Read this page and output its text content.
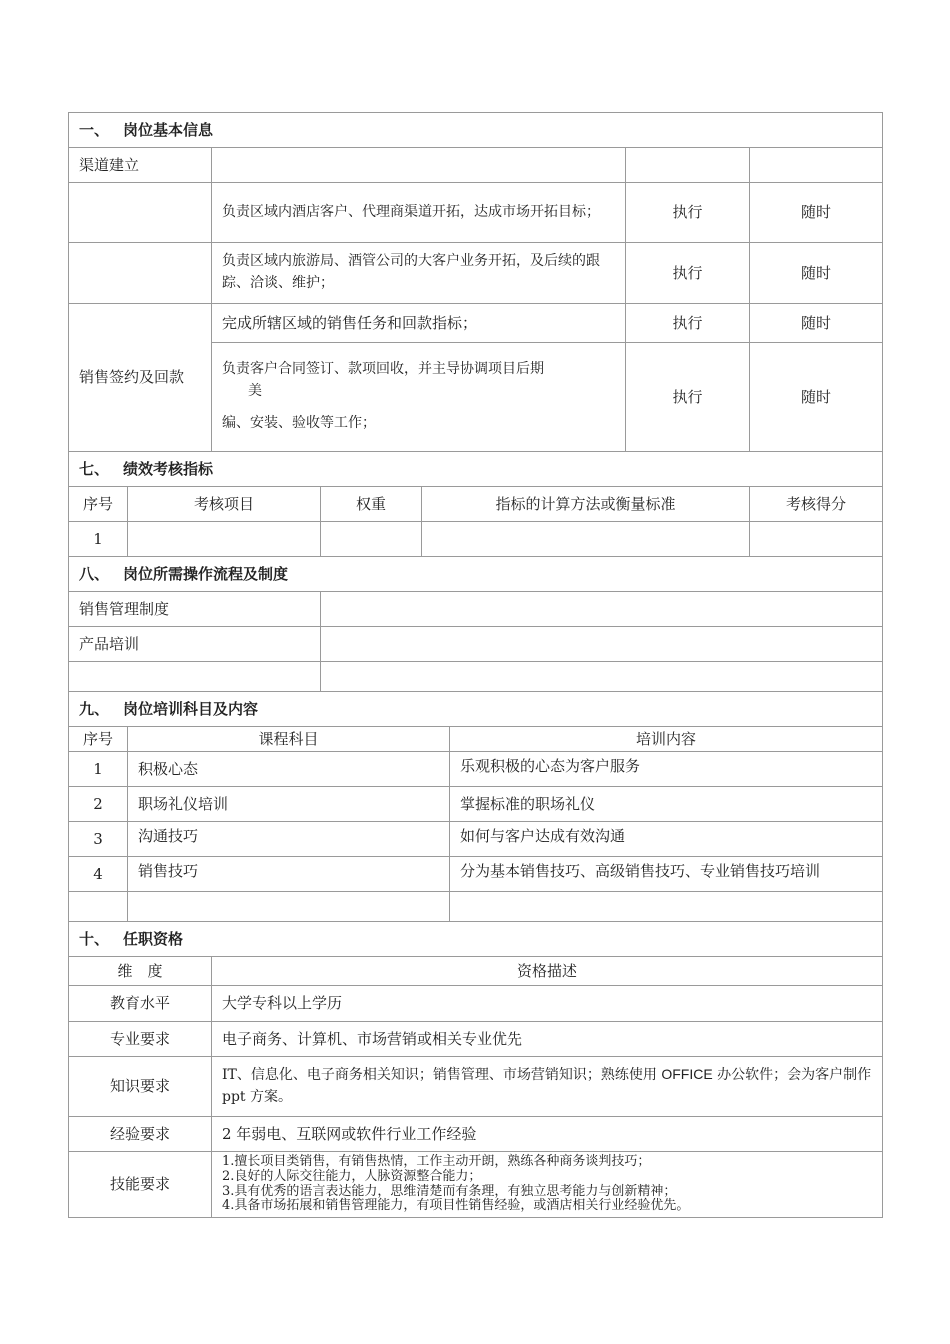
一、 岗位基本信息			
渠道建立			
	负责区域内酒店客户、代理商渠道开拓，达成市场开拓目标；	执行	随时
	负责区域内旅游局、酒管公司的大客户业务开拓，及后续的跟踪、洽谈、维护；	执行	随时
销售签约及回款	完成所辖区域的销售任务和回款指标；	执行	随时
	负责客户合同签订、款项回收，并主导协调项目后期
美
编、安装、验收等工作；	执行	随时
七、 绩效考核指标				
序号	考核项目	权重	指标的计算方法或衡量标准	考核得分
1				
八、 岗位所需操作流程及制度	
销售管理制度	
产品培训	

九、 岗位培训科目及内容		
序号	课程科目	培训内容
1	积极心态	乐观积极的心态为客户服务
2	职场礼仪培训	掌握标准的职场礼仪
3	沟通技巧	如何与客户达成有效沟通
4	销售技巧	分为基本销售技巧、高级销售技巧、专业销售技巧培训

十、 任职资格	
维　度	资格描述
教育水平	大学专科以上学历
专业要求	电子商务、计算机、市场营销或相关专业优先
知识要求	IT、信息化、电子商务相关知识；销售管理、市场营销知识；熟练使用 OFFICE 办公软件；会为客户制作 ppt 方案。
经验要求	2 年弱电、互联网或软件行业工作经验
技能要求	1.擅长项目类销售，有销售热情，工作主动开朗，熟练各种商务谈判技巧；
2.良好的人际交往能力，人脉资源整合能力；
3.具有优秀的语言表达能力，思维清楚而有条理，有独立思考能力与创新精神；
4.具备市场拓展和销售管理能力，有项目性销售经验，或酒店相关行业经验优先。
